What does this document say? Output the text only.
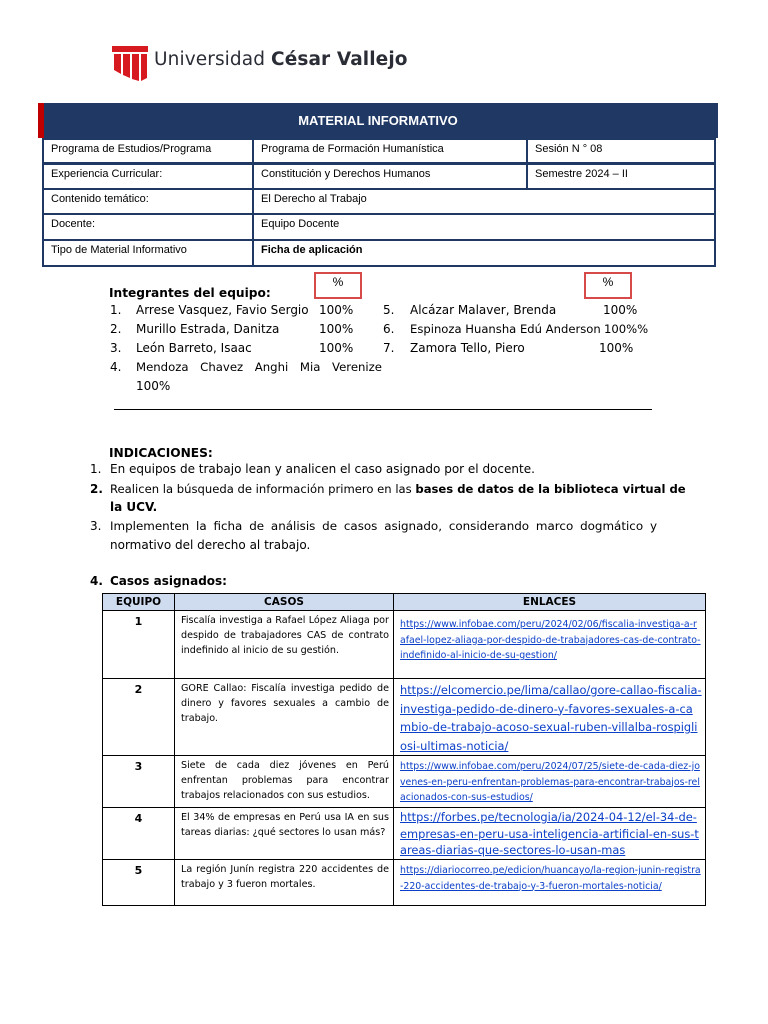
Universidad César Vallejo
MATERIAL INFORMATIVO
Programa de Estudios/Programa	Programa de Formación Humanística	Sesión N ° 08
Experiencia Curricular:	Constitución y Derechos Humanos	Semestre 2024 – II
Contenido temático:	El Derecho al Trabajo
Docente:	Equipo Docente
Tipo de Material Informativo	Ficha de aplicación
%	%
Integrantes del equipo:
1. Arrese Vasquez, Favio Sergio 100%
2. Murillo Estrada, Danitza	100%
3. León Barreto, Isaac	100%
4. Mendoza Chavez Anghi Mia Verenize
100%
5. Alcázar Malaver, Brenda	100%
6. Espinoza Huansha Edú Anderson 100%%
7. Zamora Tello, Piero	100%
INDICACIONES:
1. En equipos de trabajo lean y analicen el caso asignado por el docente.
2. Realicen la búsqueda de información primero en las bases de datos de la biblioteca virtual de
la UCV.
3. Implementen la ficha de análisis de casos asignado, considerando marco dogmático y
normativo del derecho al trabajo.
4. Casos asignados:
EQUIPO	CASOS	ENLACES
1	Fiscalía investiga a Rafael López Aliaga por despido de trabajadores CAS de contrato indefinido al inicio de su gestión.	https://www.infobae.com/peru/2024/02/06/fiscalia-investiga-a-rafael-lopez-aliaga-por-despido-de-trabajadores-cas-de-contrato-indefinido-al-inicio-de-su-gestion/
2	GORE Callao: Fiscalía investiga pedido de dinero y favores sexuales a cambio de trabajo.	https://elcomercio.pe/lima/callao/gore-callao-fiscalia-investiga-pedido-de-dinero-y-favores-sexuales-a-cambio-de-trabajo-acoso-sexual-ruben-villalba-rospigliosi-ultimas-noticia/
3	Siete de cada diez jóvenes en Perú enfrentan problemas para encontrar trabajos relacionados con sus estudios.	https://www.infobae.com/peru/2024/07/25/siete-de-cada-diez-jovenes-en-peru-enfrentan-problemas-para-encontrar-trabajos-relacionados-con-sus-estudios/
4	El 34% de empresas en Perú usa IA en sus tareas diarias: ¿qué sectores lo usan más?	https://forbes.pe/tecnologia/ia/2024-04-12/el-34-de-empresas-en-peru-usa-inteligencia-artificial-en-sus-tareas-diarias-que-sectores-lo-usan-mas
5	La región Junín registra 220 accidentes de trabajo y 3 fueron mortales.	https://diariocorreo.pe/edicion/huancayo/la-region-junin-registra-220-accidentes-de-trabajo-y-3-fueron-mortales-noticia/
